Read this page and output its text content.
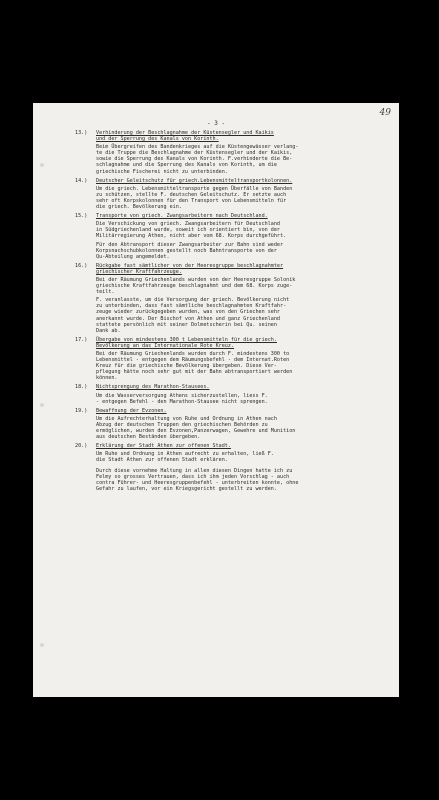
49
- 3 -
13.)	Verhinderung der Beschlagnahme der Küstensegler und Kaikis
und der Sperrung des Kanals von Korinth.
Beim Übergreifen des Bandenkrieges auf die Küstengewässer verlang-
te die Truppe die Beschlagnahme der Küstensegler und der Kaikis,
sowie die Sperrung des Kanals von Korinth. F.verhinderte die Be-
schlagnahme und die Sperrung des Kanals von Korinth, um die
griechische Fischerei nicht zu unterbinden.
14.)	Deutscher Geleitschutz für griech.Lebensmitteltransportkolonnen.
Um die griech. Lebensmitteltransporte gegen Überfälle von Banden
zu schützen, stellte F. deutschen Geleitschutz. Er setzte auch
sehr oft Korpskolonnen für den Transport von Lebensmitteln für
die griech. Bevölkerung ein.
15.)	Transporte von griech. Zwangsarbeitern nach Deutschland.
Die Verschickung von griech. Zwangsarbeitern für Deutschland
in Südgriechenland wurde, soweit ich orientiert bin, von der
Militärregierung Athen, nicht aber vom 68. Korps durchgeführt.
Für den Abtransport dieser Zwangsarbeiter zur Bahn sind weder
Korpsnachschubkolonnen gestellt noch Bahntransporte von der
Qu-Abteilung angemeldet.
16.)	Rückgabe fast sämtlicher von der Heeresgruppe beschlagnahmter
griechischer Kraftfahrzeuge.
Bei der Räumung Griechenlands wurden von der Heeresgruppe Solonik
griechische Kraftfahrzeuge beschlagnahmt und dem 68. Korps zuge-
teilt.
F. veranlasste, um die Versorgung der griech. Bevölkerung nicht
zu unterbinden, dass fast sämtliche beschlagnahmten Kraftfahr-
zeuge wieder zurückgegeben wurden, was von den Griechen sehr
anerkannt wurde. Der Bischof von Athen und ganz Griechenland
stattete persönlich mit seiner Dolmetscherin bei Qu. seinen
Dank ab.
17.)	Übergabe von mindestens 300 t Lebensmitteln für die griech.
Bevölkerung an das Internationale Rote Kreuz.
Bei der Räumung Griechenlands wurden durch F. mindestens 300 to
Lebensmittel - entgegen dem Räumungsbefehl - dem Internat.Roten
Kreuz für die griechische Bevölkerung übergeben. Diese Ver-
pflegung hätte noch sehr gut mit der Bahn abtransportiert werden
können.
18.)	Nichtsprengung des Marathon-Stausees.
Um die Wasserversorgung Athens sicherzustellen, liess F.
- entgegen Befehl - den Marathon-Stausee nicht sprengen.
19.)	Bewaffnung der Evzonen.
Um die Aufrechterhaltung von Ruhe und Ordnung in Athen nach
Abzug der deutschen Truppen den griechischen Behörden zu
ermöglichen, wurden den Evzonen,Panzerwagen, Gewehre und Munition
aus deutschen Beständen übergeben.
20.)	Erklärung der Stadt Athen zur offenen Stadt.
Um Ruhe und Ordnung in Athen aufrecht zu erhalten, ließ F.
die Stadt Athen zur offenen Stadt erklären.
Durch diese vornehme Haltung in allen diesen Dingen hatte ich zu
Felmy so grosses Vertrauen, dass ich ihm jeden Vorschlag - auch
contra Führer- und Heeresgruppenbefehl - unterbreiten konnte, ohne
Gefahr zu laufen, vor ein Kriegsgericht gestellt zu werden.
